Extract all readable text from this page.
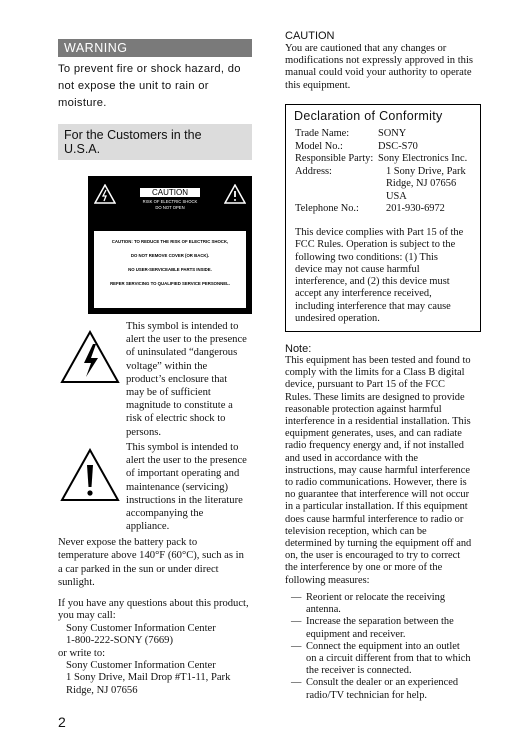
WARNING
To prevent fire or shock hazard, do
not expose the unit to rain or
moisture.
For the Customers in the
U.S.A.
CAUTION
RISK OF ELECTRIC SHOCK
DO NOT OPEN
CAUTION: TO REDUCE THE RISK OF ELECTRIC SHOCK,
DO NOT REMOVE COVER (OR BACK).
NO USER-SERVICEABLE PARTS INSIDE.
REFER SERVICING TO QUALIFIED SERVICE PERSONNEL.
This symbol is intended to
alert the user to the presence
of uninsulated “dangerous
voltage” within the
product’s enclosure that
may be of sufficient
magnitude to constitute a
risk of electric shock to
persons.
This symbol is intended to
alert the user to the presence
of important operating and
maintenance (servicing)
instructions in the literature
accompanying the
appliance.
Never expose the battery pack to
temperature above 140°F (60°C), such as in
a car parked in the sun or under direct
sunlight.
If you have any questions about this product,
you may call:
Sony Customer Information Center
1-800-222-SONY (7669)
or write to:
Sony Customer Information Center
1 Sony Drive, Mail Drop #T1-11, Park
Ridge, NJ 07656
2
CAUTION
You are cautioned that any changes or
modifications not expressly approved in this
manual could void your authority to operate
this equipment.
Declaration of Conformity
Trade Name:	SONY
Model No.:	DSC-S70
Responsible Party: Sony Electronics Inc.
Address:	1 Sony Drive, Park
Ridge, NJ 07656
USA
Telephone No.:	201-930-6972
This device complies with Part 15 of the
FCC Rules. Operation is subject to the
following two conditions: (1) This
device may not cause harmful
interference, and (2) this device must
accept any interference received,
including interference that may cause
undesired operation.
Note:
This equipment has been tested and found to
comply with the limits for a Class B digital
device, pursuant to Part 15 of the FCC
Rules. These limits are designed to provide
reasonable protection against harmful
interference in a residential installation. This
equipment generates, uses, and can radiate
radio frequency energy and, if not installed
and used in accordance with the
instructions, may cause harmful interference
to radio communications. However, there is
no guarantee that interference will not occur
in a particular installation. If this equipment
does cause harmful interference to radio or
television reception, which can be
determined by turning the equipment off and
on, the user is encouraged to try to correct
the interference by one or more of the
following measures:
— Reorient or relocate the receiving
antenna.
— Increase the separation between the
equipment and receiver.
— Connect the equipment into an outlet
on a circuit different from that to which
the receiver is connected.
— Consult the dealer or an experienced
radio/TV technician for help.
